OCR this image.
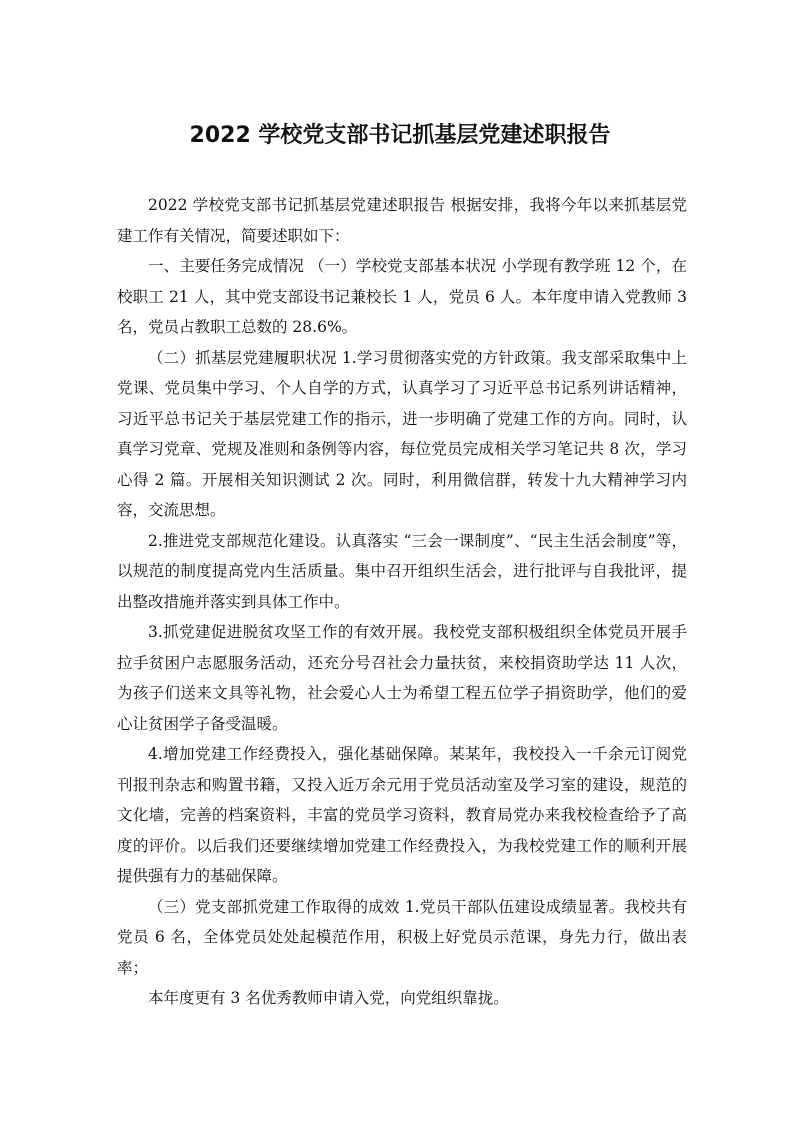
2022 学校党支部书记抓基层党建述职报告

2022 学校党支部书记抓基层党建述职报告 根据安排，我将今年以来抓基层党建工作有关情况，简要述职如下：

一、主要任务完成情况 （一）学校党支部基本状况 小学现有教学班 12 个，在校职工 21 人，其中党支部设书记兼校长 1 人，党员 6 人。本年度申请入党教师 3 名，党员占教职工总数的 28.6%。

（二）抓基层党建履职状况 1.学习贯彻落实党的方针政策。我支部采取集中上党课、党员集中学习、个人自学的方式，认真学习了习近平总书记系列讲话精神，习近平总书记关于基层党建工作的指示，进一步明确了党建工作的方向。同时，认真学习党章、党规及准则和条例等内容，每位党员完成相关学习笔记共 8 次，学习心得 2 篇。开展相关知识测试 2 次。同时，利用微信群，转发十九大精神学习内容，交流思想。

2.推进党支部规范化建设。认真落实 “三会一课制度”、“民主生活会制度”等，以规范的制度提高党内生活质量。集中召开组织生活会，进行批评与自我批评，提出整改措施并落实到具体工作中。

3.抓党建促进脱贫攻坚工作的有效开展。我校党支部积极组织全体党员开展手拉手贫困户志愿服务活动，还充分号召社会力量扶贫，来校捐资助学达 11 人次，为孩子们送来文具等礼物，社会爱心人士为希望工程五位学子捐资助学，他们的爱心让贫困学子备受温暖。

4.增加党建工作经费投入，强化基础保障。某某年，我校投入一千余元订阅党刊报刊杂志和购置书籍，又投入近万余元用于党员活动室及学习室的建设，规范的文化墙，完善的档案资料，丰富的党员学习资料，教育局党办来我校检查给予了高度的评价。以后我们还要继续增加党建工作经费投入，为我校党建工作的顺利开展提供强有力的基础保障。

（三）党支部抓党建工作取得的成效 1.党员干部队伍建设成绩显著。我校共有党员 6 名，全体党员处处起模范作用，积极上好党员示范课，身先力行，做出表率；

本年度更有 3 名优秀教师申请入党，向党组织靠拢。
